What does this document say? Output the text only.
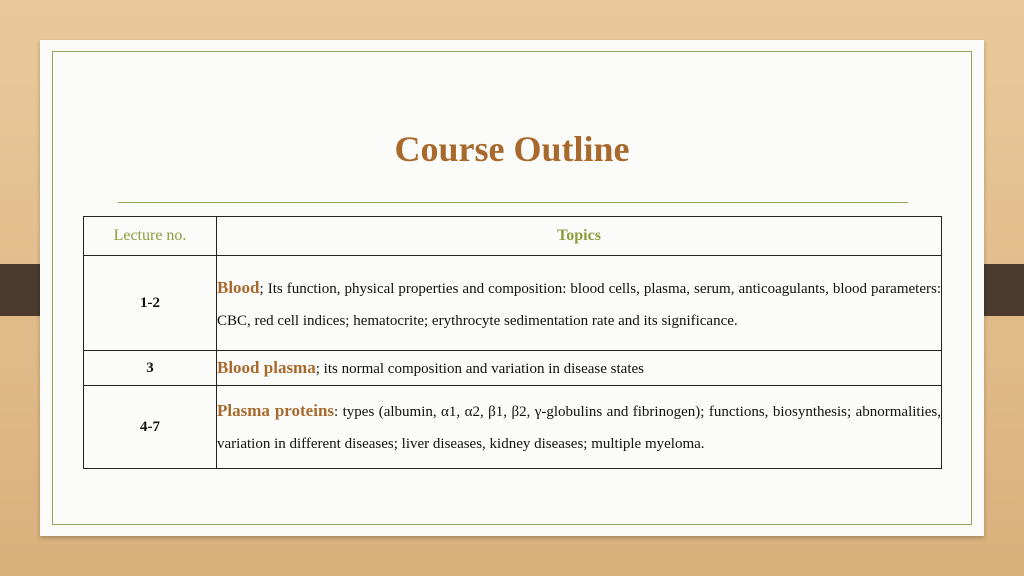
Course Outline
Lecture no.	Topics
1-2	Blood; Its function, physical properties and composition: blood cells, plasma, serum, anticoagulants, blood parameters: CBC, red cell indices; hematocrite; erythrocyte sedimentation rate and its significance.
3	Blood plasma; its normal composition and variation in disease states
4-7	Plasma proteins: types (albumin, α1, α2, β1, β2, γ-globulins and fibrinogen); functions, biosynthesis; abnormalities, variation in different diseases; liver diseases, kidney diseases; multiple myeloma.
